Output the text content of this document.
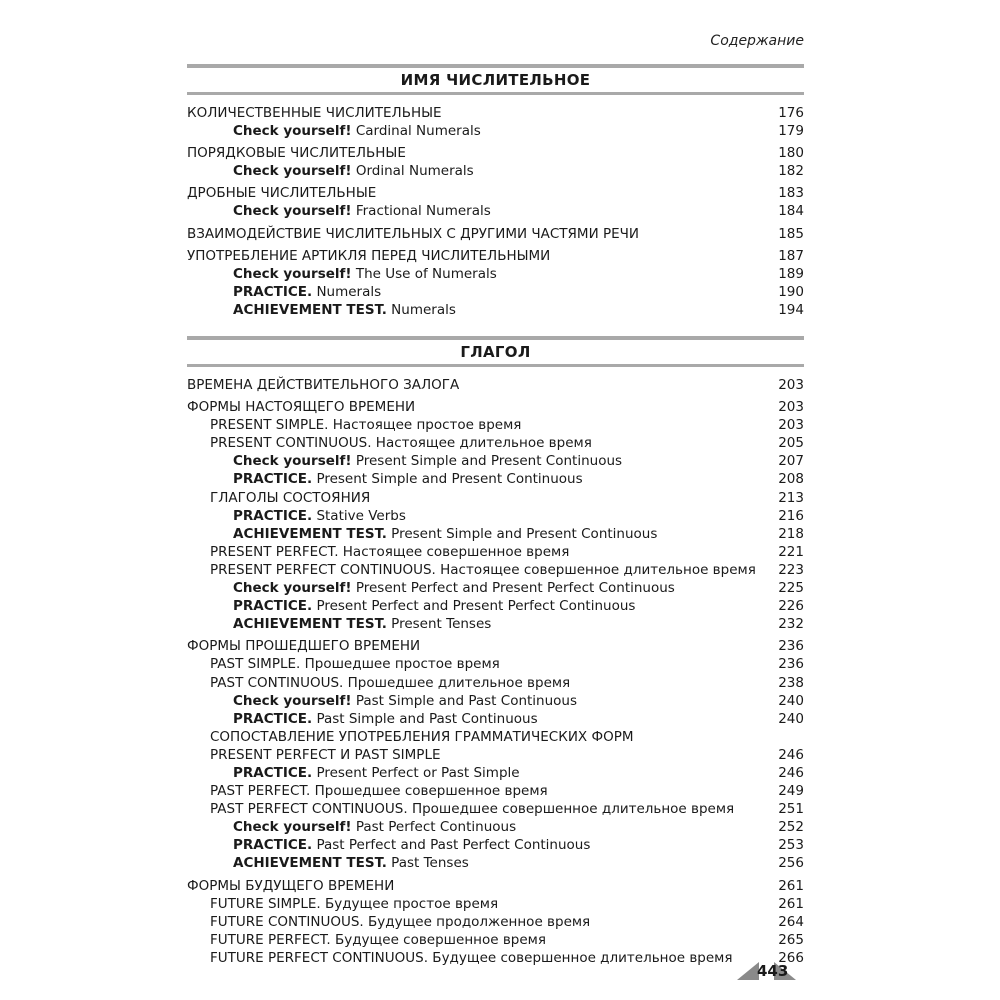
Содержание
ИМЯ ЧИСЛИТЕЛЬНОЕ
КОЛИЧЕСТВЕННЫЕ ЧИСЛИТЕЛЬНЫЕ	176
Check yourself! Cardinal Numerals	179
ПОРЯДКОВЫЕ ЧИСЛИТЕЛЬНЫЕ	180
Check yourself! Ordinal Numerals	182
ДРОБНЫЕ ЧИСЛИТЕЛЬНЫЕ	183
Check yourself! Fractional Numerals	184
ВЗАИМОДЕЙСТВИЕ ЧИСЛИТЕЛЬНЫХ С ДРУГИМИ ЧАСТЯМИ РЕЧИ	185
УПОТРЕБЛЕНИЕ АРТИКЛЯ ПЕРЕД ЧИСЛИТЕЛЬНЫМИ	187
Check yourself! The Use of Numerals	189
PRACTICE. Numerals	190
ACHIEVEMENT TEST. Numerals	194
ГЛАГОЛ
ВРЕМЕНА ДЕЙСТВИТЕЛЬНОГО ЗАЛОГА	203
ФОРМЫ НАСТОЯЩЕГО ВРЕМЕНИ	203
PRESENT SIMPLE. Настоящее простое время	203
PRESENT CONTINUOUS. Настоящее длительное время	205
Check yourself! Present Simple and Present Continuous	207
PRACTICE. Present Simple and Present Continuous	208
ГЛАГОЛЫ СОСТОЯНИЯ	213
PRACTICE. Stative Verbs	216
ACHIEVEMENT TEST. Present Simple and Present Continuous	218
PRESENT PERFECT. Настоящее совершенное время	221
PRESENT PERFECT CONTINUOUS. Настоящее совершенное длительное время 223
Check yourself! Present Perfect and Present Perfect Continuous	225
PRACTICE. Present Perfect and Present Perfect Continuous	226
ACHIEVEMENT TEST. Present Tenses	232
ФОРМЫ ПРОШЕДШЕГО ВРЕМЕНИ	236
PAST SIMPLE. Прошедшее простое время	236
PAST CONTINUOUS. Прошедшее длительное время	238
Check yourself! Past Simple and Past Continuous	240
PRACTICE. Past Simple and Past Continuous	240
СОПОСТАВЛЕНИЕ УПОТРЕБЛЕНИЯ ГРАММАТИЧЕСКИХ ФОРМ
PRESENT PERFECT И PAST SIMPLE	246
PRACTICE. Present Perfect or Past Simple	246
PAST PERFECT. Прошедшее совершенное время	249
PAST PERFECT CONTINUOUS. Прошедшее совершенное длительное время	251
Check yourself! Past Perfect Continuous	252
PRACTICE. Past Perfect and Past Perfect Continuous	253
ACHIEVEMENT TEST. Past Tenses	256
ФОРМЫ БУДУЩЕГО ВРЕМЕНИ	261
FUTURE SIMPLE. Будущее простое время	261
FUTURE CONTINUOUS. Будущее продолженное время	264
FUTURE PERFECT. Будущее совершенное время	265
FUTURE PERFECT CONTINUOUS. Будущее совершенное длительное время	266
443
